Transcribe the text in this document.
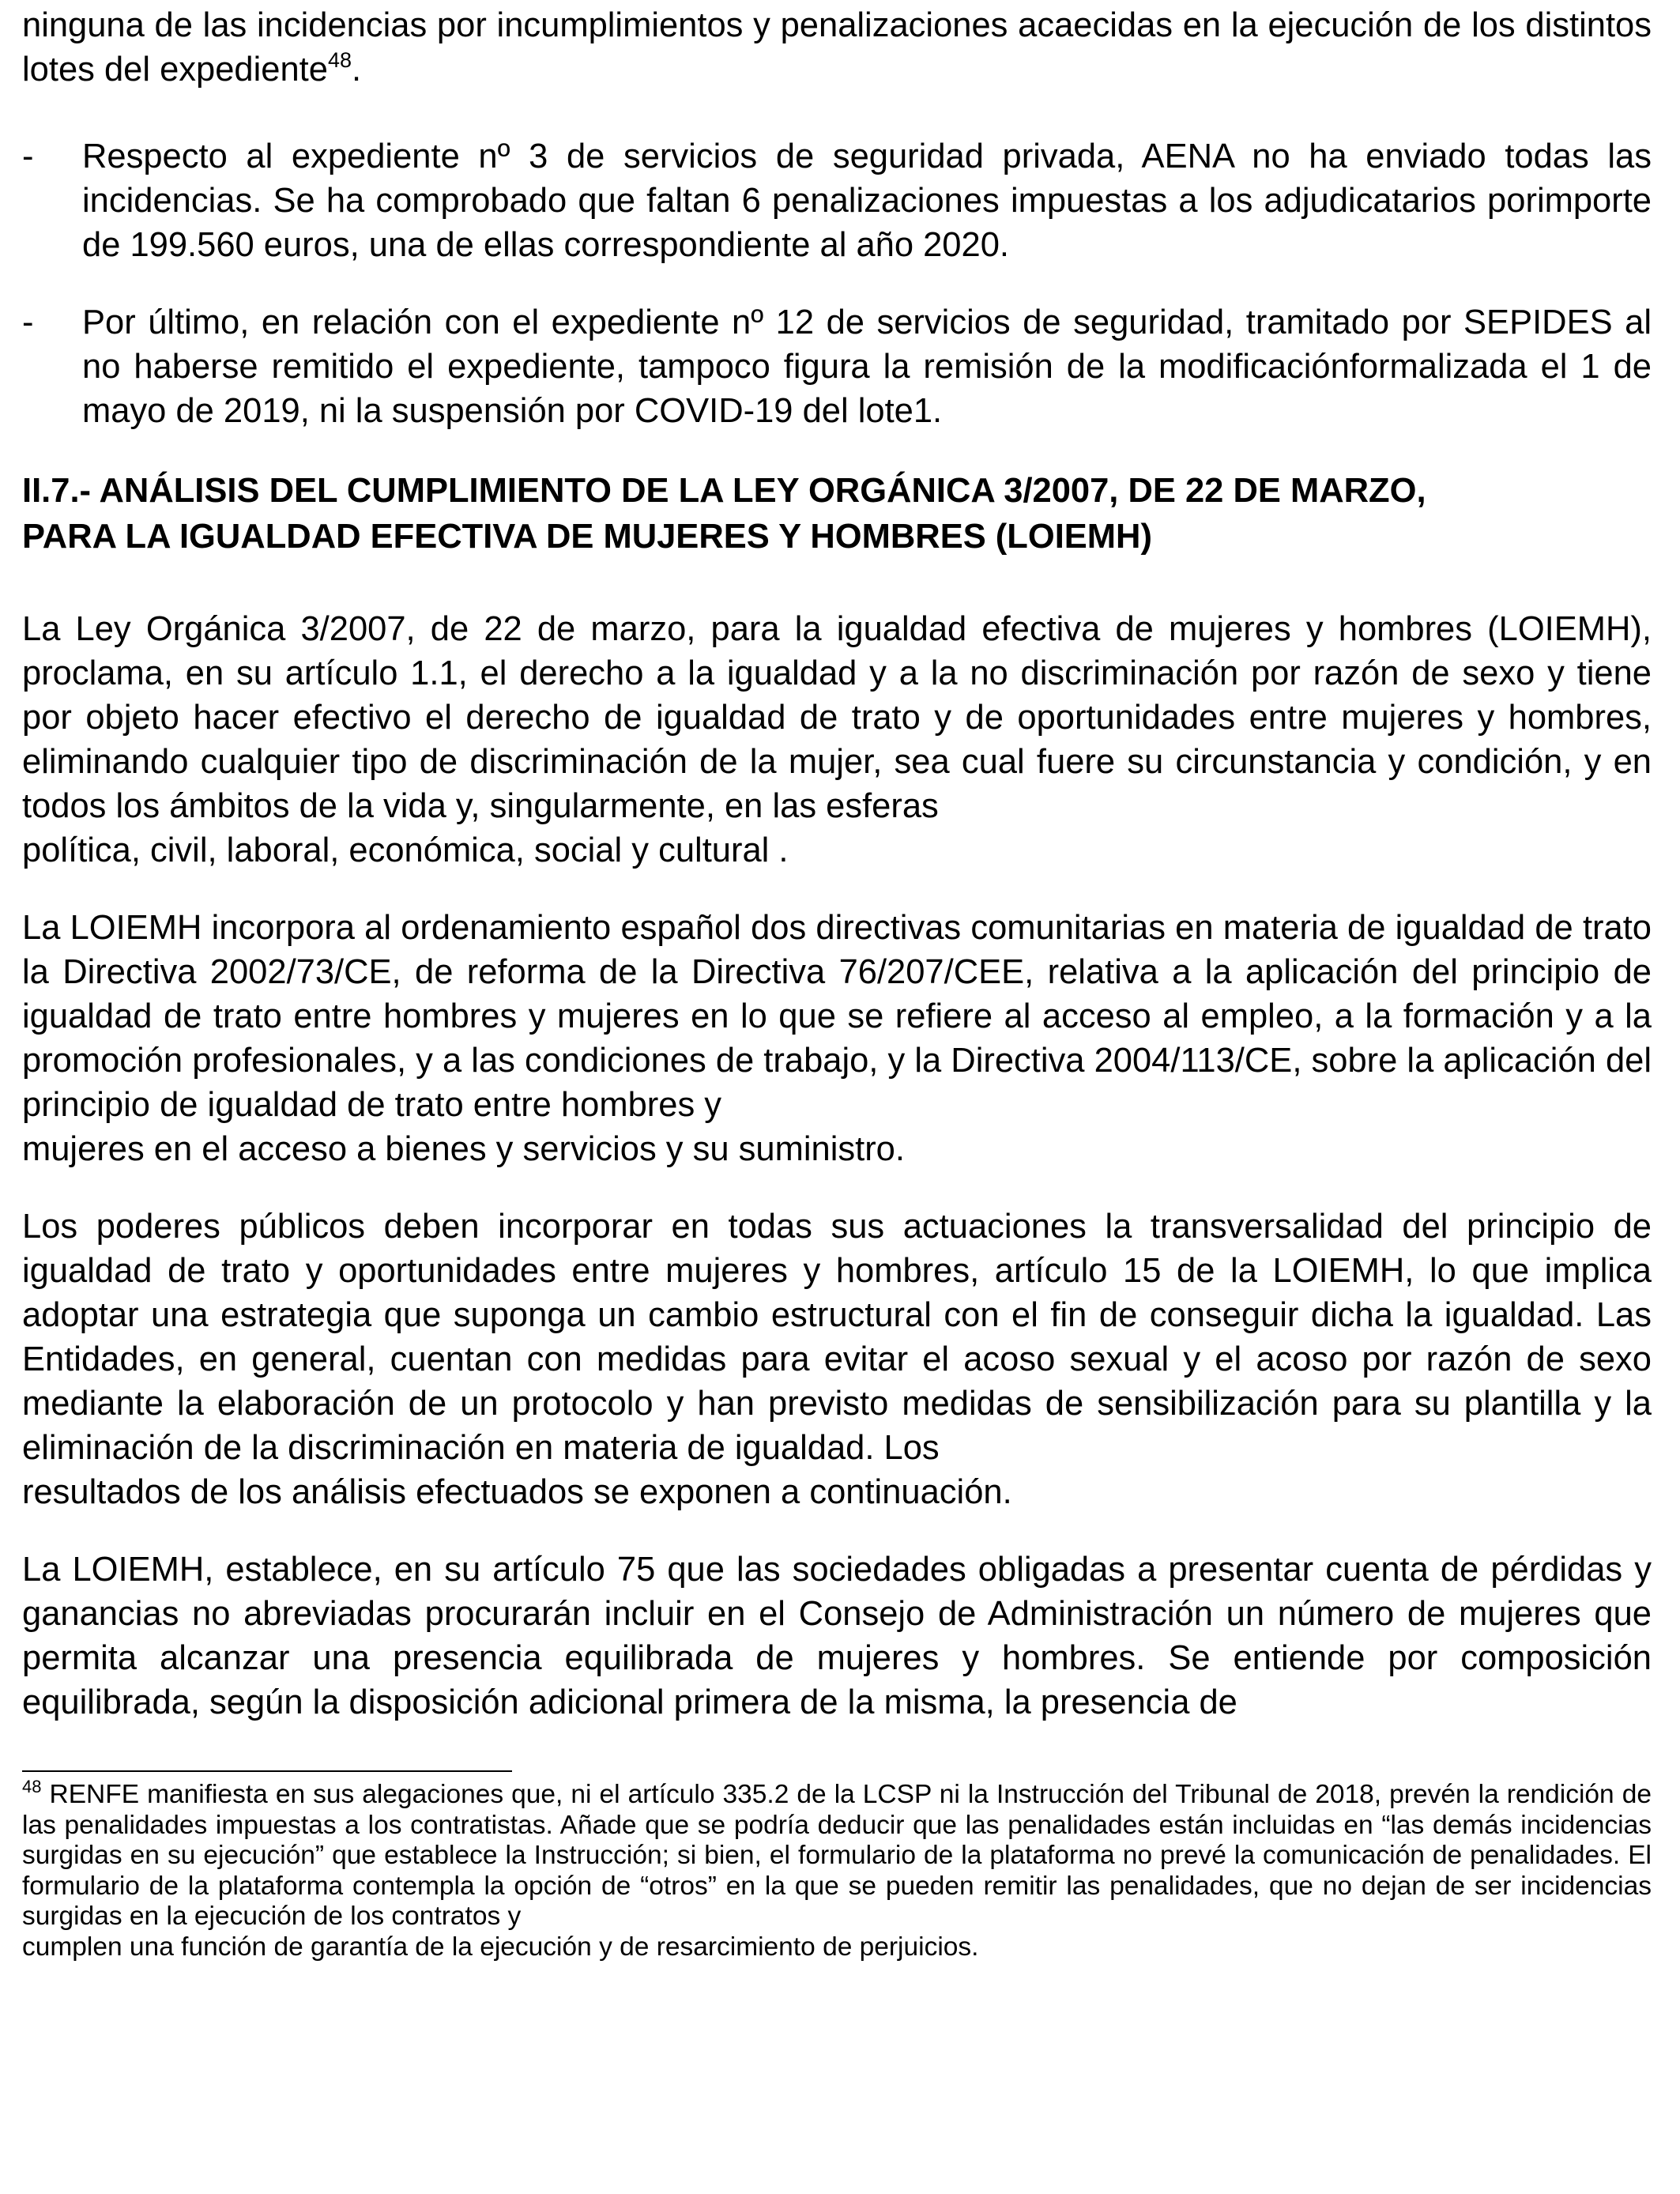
ninguna de las incidencias por incumplimientos y penalizaciones acaecidas en la ejecución de los distintos lotes del expediente$^{48}$.
- Respecto al expediente nº 3 de servicios de seguridad privada, AENA no ha enviado todas las incidencias. Se ha comprobado que faltan 6 penalizaciones impuestas a los adjudicatarios porimporte de 199.560 euros, una de ellas correspondiente al año 2020.
- Por último, en relación con el expediente nº 12 de servicios de seguridad, tramitado por SEPIDES al no haberse remitido el expediente, tampoco figura la remisión de la modificaciónformalizada el 1 de mayo de 2019, ni la suspensión por COVID-19 del lote1.
II.7.- ANÁLISIS DEL CUMPLIMIENTO DE LA LEY ORGÁNICA 3/2007, DE 22 DE MARZO,
PARA LA IGUALDAD EFECTIVA DE MUJERES Y HOMBRES (LOIEMH)
La Ley Orgánica 3/2007, de 22 de marzo, para la igualdad efectiva de mujeres y hombres (LOIEMH), proclama, en su artículo 1.1, el derecho a la igualdad y a la no discriminación por razón de sexo y tiene por objeto hacer efectivo el derecho de igualdad de trato y de oportunidades entre mujeres y hombres, eliminando cualquier tipo de discriminación de la mujer, sea cual fuere su circunstancia y condición, y en todos los ámbitos de la vida y, singularmente, en las esferas
política, civil, laboral, económica, social y cultural .
La LOIEMH incorpora al ordenamiento español dos directivas comunitarias en materia de igualdad de trato la Directiva 2002/73/CE, de reforma de la Directiva 76/207/CEE, relativa a la aplicación del principio de igualdad de trato entre hombres y mujeres en lo que se refiere al acceso al empleo, a la formación y a la promoción profesionales, y a las condiciones de trabajo, y la Directiva 2004/113/CE, sobre la aplicación del principio de igualdad de trato entre hombres y
mujeres en el acceso a bienes y servicios y su suministro.
Los poderes públicos deben incorporar en todas sus actuaciones la transversalidad del principio de igualdad de trato y oportunidades entre mujeres y hombres, artículo 15 de la LOIEMH, lo que implica adoptar una estrategia que suponga un cambio estructural con el fin de conseguir dicha la igualdad. Las Entidades, en general, cuentan con medidas para evitar el acoso sexual y el acoso por razón de sexo mediante la elaboración de un protocolo y han previsto medidas de sensibilización para su plantilla y la eliminación de la discriminación en materia de igualdad. Los
resultados de los análisis efectuados se exponen a continuación.
La LOIEMH, establece, en su artículo 75 que las sociedades obligadas a presentar cuenta de pérdidas y ganancias no abreviadas procurarán incluir en el Consejo de Administración un número de mujeres que permita alcanzar una presencia equilibrada de mujeres y hombres. Se entiende por composición equilibrada, según la disposición adicional primera de la misma, la presencia de
$^{48}$ RENFE manifiesta en sus alegaciones que, ni el artículo 335.2 de la LCSP ni la Instrucción del Tribunal de 2018, prevén la rendición de las penalidades impuestas a los contratistas. Añade que se podría deducir que las penalidades están incluidas en “las demás incidencias surgidas en su ejecución” que establece la Instrucción; si bien, el formulario de la plataforma no prevé la comunicación de penalidades. El formulario de la plataforma contempla la opción de “otros” en la que se pueden remitir las penalidades, que no dejan de ser incidencias surgidas en la ejecución de los contratos y
cumplen una función de garantía de la ejecución y de resarcimiento de perjuicios.
